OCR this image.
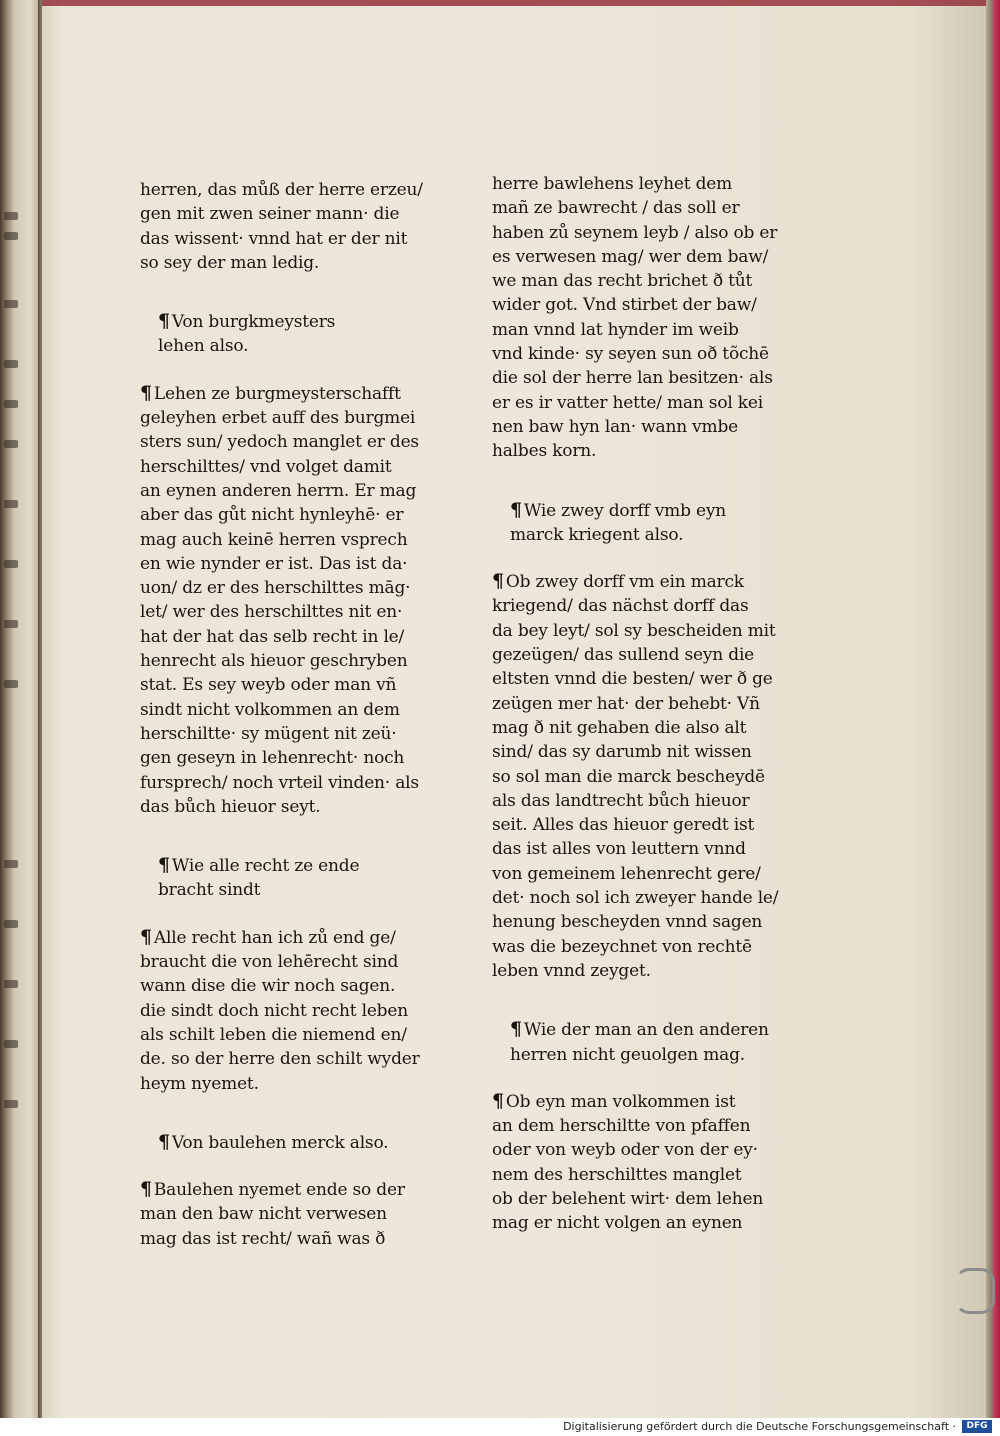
herren, das můß der herre erzeu/
gen mit zwen seiner mann· die
das wissent· vnnd hat er der nit
so sey der man ledig.
¶ Von burgkmeysters
lehen also.
¶ Lehen ze burgmeysterschafft
geleyhen erbet auff des burgmei
sters sun/ yedoch manglet er des
herschilttes/ vnd volget damit
an eynen anderen herrn. Er mag
aber das gůt nicht hynleyhē· er
mag auch keinē herren vsprech
en wie nynder er ist. Das ist da·
uon/ dz er des herschilttes māg·
let/ wer des herschilttes nit en·
hat der hat das selb recht in le/
henrecht als hieuor geschryben
stat. Es sey weyb oder man vñ
sindt nicht volkommen an dem
herschiltte· sy mügent nit zeü·
gen geseyn in lehenrecht· noch
fursprech/ noch vrteil vinden· als
das bůch hieuor seyt.
¶ Wie alle recht ze ende
bracht sindt
¶ Alle recht han ich zů end ge/
braucht die von lehērecht sind
wann dise die wir noch sagen.
die sindt doch nicht recht leben
als schilt leben die niemend en/
de. so der herre den schilt wyder
heym nyemet.
¶ Von baulehen merck also.
¶ Baulehen nyemet ende so der
man den baw nicht verwesen
mag das ist recht/ wañ was ð
herre bawlehens leyhet dem
mañ ze bawrecht / das soll er
haben zů seynem leyb / also ob er
es verwesen mag/ wer dem baw/
we man das recht brichet ð tůt
wider got. Vnd stirbet der baw/
man vnnd lat hynder im weib
vnd kinde· sy seyen sun oð tõchē
die sol der herre lan besitzen· als
er es ir vatter hette/ man sol kei
nen baw hyn lan· wann vmbe
halbes korn.
¶ Wie zwey dorff vmb eyn
marck kriegent also.
¶ Ob zwey dorff vm ein marck
kriegend/ das nächst dorff das
da bey leyt/ sol sy bescheiden mit
gezeügen/ das sullend seyn die
eltsten vnnd die besten/ wer ð ge
zeügen mer hat· der behebt· Vñ
mag ð nit gehaben die also alt
sind/ das sy darumb nit wissen
so sol man die marck bescheydē
als das landtrecht bůch hieuor
seit. Alles das hieuor geredt ist
das ist alles von leuttern vnnd
von gemeinem lehenrecht gere/
det· noch sol ich zweyer hande le/
henung bescheyden vnnd sagen
was die bezeychnet von rechtē
leben vnnd zeyget.
¶ Wie der man an den anderen
herren nicht geuolgen mag.
¶ Ob eyn man volkommen ist
an dem herschiltte von pfaffen
oder von weyb oder von der ey·
nem des herschilttes manglet
ob der belehent wirt· dem lehen
mag er nicht volgen an eynen
Digitalisierung gefördert durch die Deutsche Forschungsgemeinschaft ·	DFG
